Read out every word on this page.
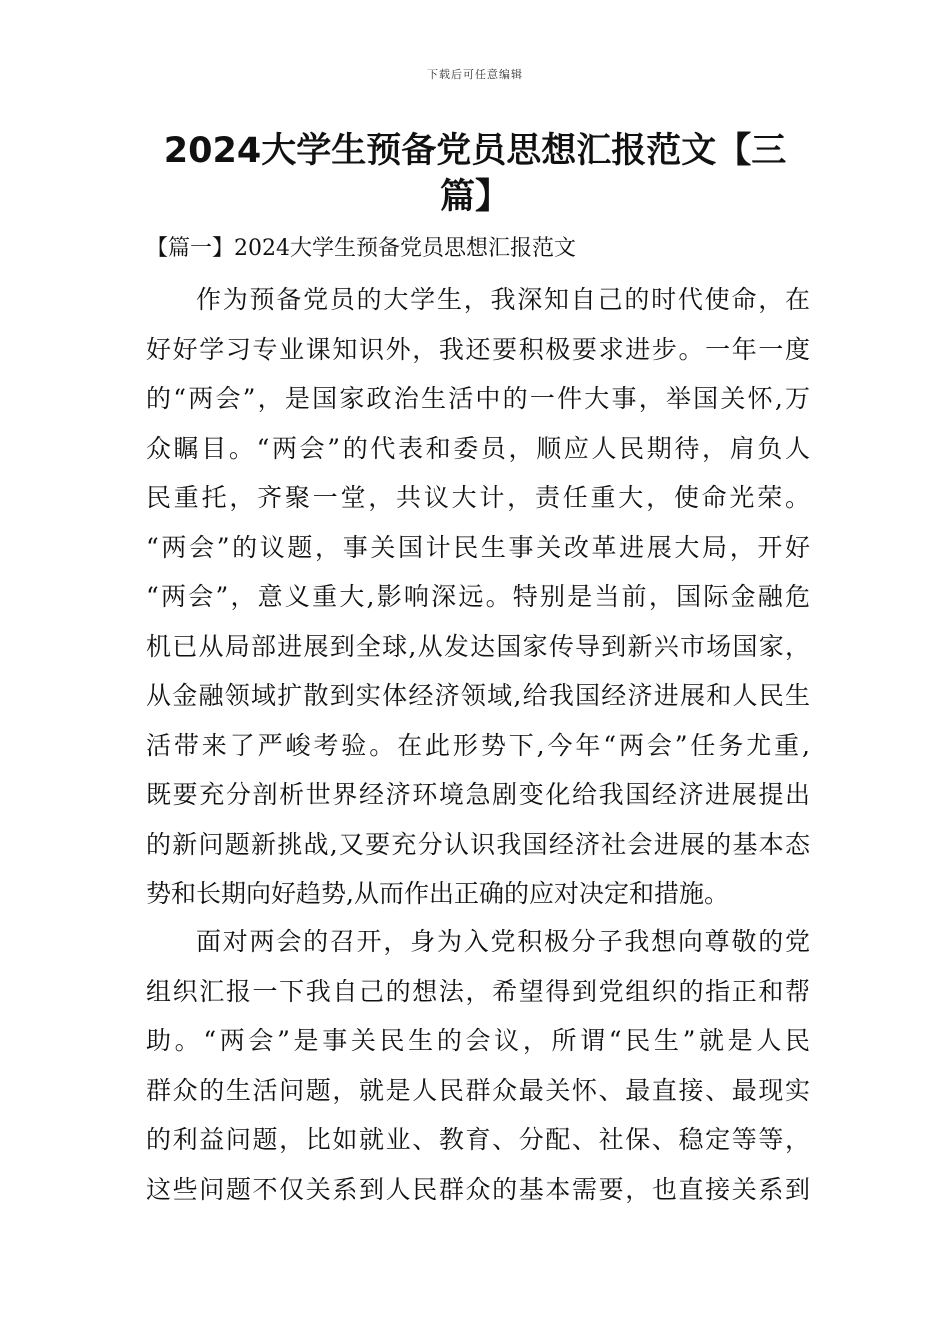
下载后可任意编辑
2024大学生预备党员思想汇报范文【三
篇】
【篇一】2024大学生预备党员思想汇报范文
作为预备党员的大学生，我深知自己的时代使命，在
好好学习专业课知识外，我还要积极要求进步。一年一度
的“两会”，是国家政治生活中的一件大事，举国关怀,万
众瞩目。“两会”的代表和委员，顺应人民期待，肩负人
民重托，齐聚一堂，共议大计，责任重大，使命光荣。
“两会”的议题，事关国计民生事关改革进展大局，开好
“两会”，意义重大,影响深远。特别是当前，国际金融危
机已从局部进展到全球,从发达国家传导到新兴市场国家，
从金融领域扩散到实体经济领域,给我国经济进展和人民生
活带来了严峻考验。在此形势下,今年“两会”任务尤重,
既要充分剖析世界经济环境急剧变化给我国经济进展提出
的新问题新挑战,又要充分认识我国经济社会进展的基本态
势和长期向好趋势,从而作出正确的应对决定和措施。
面对两会的召开，身为入党积极分子我想向尊敬的党
组织汇报一下我自己的想法，希望得到党组织的指正和帮
助。“两会”是事关民生的会议，所谓“民生”就是人民
群众的生活问题，就是人民群众最关怀、最直接、最现实
的利益问题，比如就业、教育、分配、社保、稳定等等，
这些问题不仅关系到人民群众的基本需要，也直接关系到
